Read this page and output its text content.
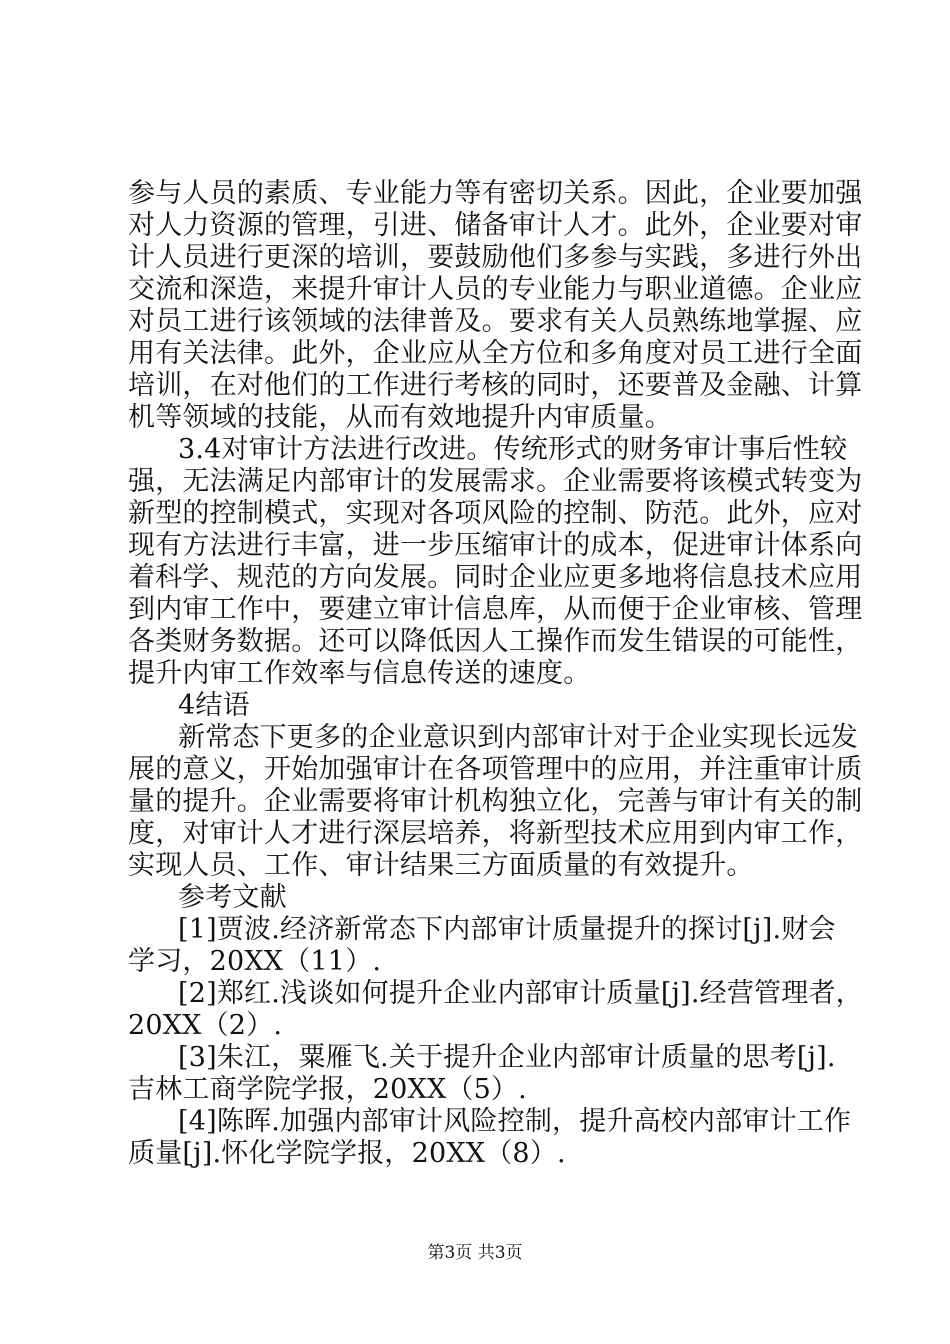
参与人员的素质、专业能力等有密切关系。因此，企业要加强
对人力资源的管理，引进、储备审计人才。此外，企业要对审
计人员进行更深的培训，要鼓励他们多参与实践，多进行外出
交流和深造，来提升审计人员的专业能力与职业道德。企业应
对员工进行该领域的法律普及。要求有关人员熟练地掌握、应
用有关法律。此外，企业应从全方位和多角度对员工进行全面
培训，在对他们的工作进行考核的同时，还要普及金融、计算
机等领域的技能，从而有效地提升内审质量。
3.4对审计方法进行改进。传统形式的财务审计事后性较
强，无法满足内部审计的发展需求。企业需要将该模式转变为
新型的控制模式，实现对各项风险的控制、防范。此外，应对
现有方法进行丰富，进一步压缩审计的成本，促进审计体系向
着科学、规范的方向发展。同时企业应更多地将信息技术应用
到内审工作中，要建立审计信息库，从而便于企业审核、管理
各类财务数据。还可以降低因人工操作而发生错误的可能性，
提升内审工作效率与信息传送的速度。
4结语
新常态下更多的企业意识到内部审计对于企业实现长远发
展的意义，开始加强审计在各项管理中的应用，并注重审计质
量的提升。企业需要将审计机构独立化，完善与审计有关的制
度，对审计人才进行深层培养，将新型技术应用到内审工作，
实现人员、工作、审计结果三方面质量的有效提升。
参考文献
[1]贾波.经济新常态下内部审计质量提升的探讨[j].财会
学习，20XX（11）.
[2]郑红.浅谈如何提升企业内部审计质量[j].经营管理者，
20XX（2）.
[3]朱江，粟雁飞.关于提升企业内部审计质量的思考[j].
吉林工商学院学报，20XX（5）.
[4]陈晖.加强内部审计风险控制，提升高校内部审计工作
质量[j].怀化学院学报，20XX（8）.
第3页 共3页
